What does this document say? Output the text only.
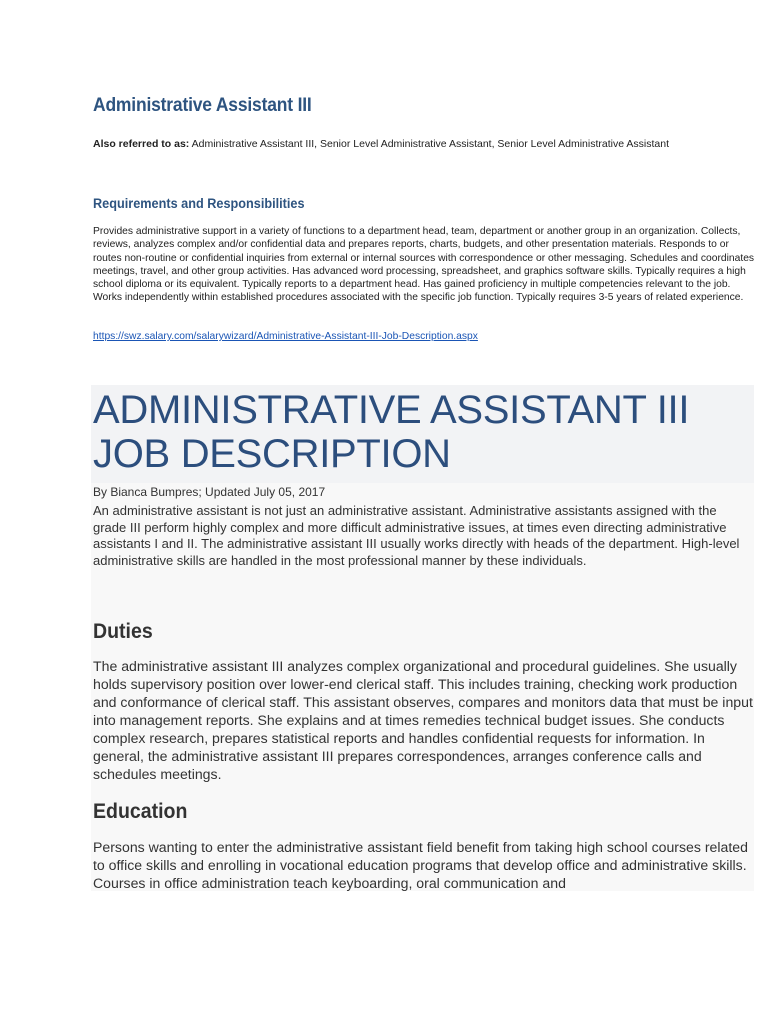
Administrative Assistant III
Also referred to as: Administrative Assistant III, Senior Level Administrative Assistant, Senior Level Administrative Assistant
Requirements and Responsibilities

Provides administrative support in a variety of functions to a department head, team, department or another group in an organization. Collects, reviews, analyzes complex and/or confidential data and prepares reports, charts, budgets, and other presentation materials. Responds to or routes non-routine or confidential inquiries from external or internal sources with correspondence or other messaging. Schedules and coordinates meetings, travel, and other group activities. Has advanced word processing, spreadsheet, and graphics software skills. Typically requires a high school diploma or its equivalent. Typically reports to a department head. Has gained proficiency in multiple competencies relevant to the job. Works independently within established procedures associated with the specific job function. Typically requires 3-5 years of related experience.

https://swz.salary.com/salarywizard/Administrative-Assistant-III-Job-Description.aspx
ADMINISTRATIVE ASSISTANT III JOB DESCRIPTION
By Bianca Bumpres; Updated July 05, 2017

An administrative assistant is not just an administrative assistant. Administrative assistants assigned with the grade III perform highly complex and more difficult administrative issues, at times even directing administrative assistants I and II. The administrative assistant III usually works directly with heads of the department. High-level administrative skills are handled in the most professional manner by these individuals.

Duties

The administrative assistant III analyzes complex organizational and procedural guidelines. She usually holds supervisory position over lower-end clerical staff. This includes training, checking work production and conformance of clerical staff. This assistant observes, compares and monitors data that must be input into management reports. She explains and at times remedies technical budget issues. She conducts complex research, prepares statistical reports and handles confidential requests for information. In general, the administrative assistant III prepares correspondences, arranges conference calls and schedules meetings.

Education

Persons wanting to enter the administrative assistant field benefit from taking high school courses related to office skills and enrolling in vocational education programs that develop office and administrative skills. Courses in office administration teach keyboarding, oral communication and
